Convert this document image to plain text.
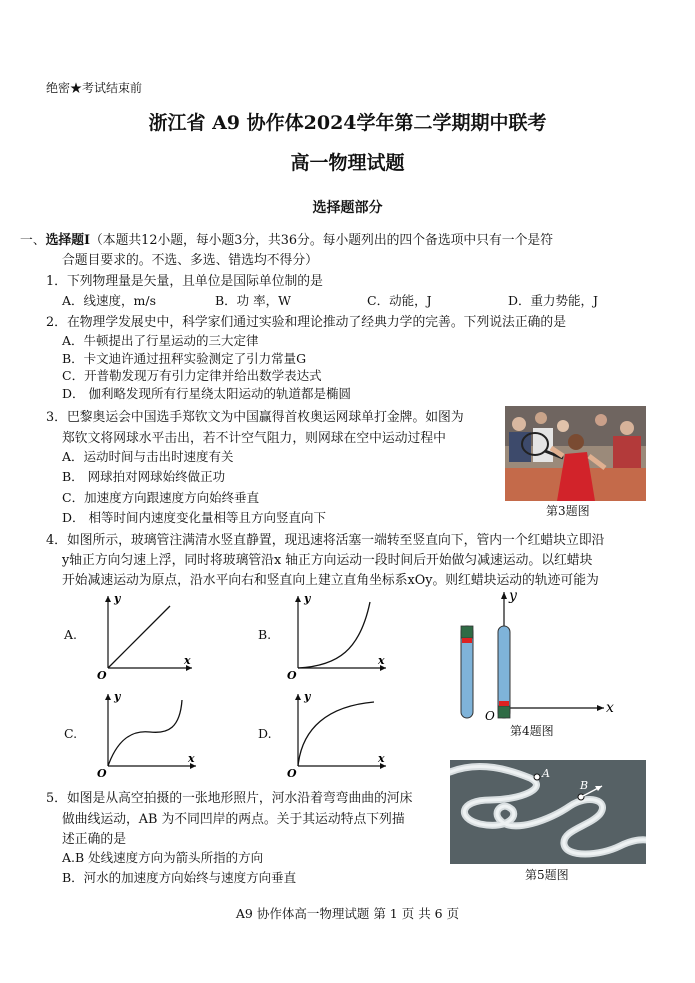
绝密★考试结束前
浙江省 A9 协作体2024学年第二学期期中联考
高一物理试题
选择题部分
一、选择题Ⅰ（本题共12小题，每小题3分，共36分。每小题列出的四个备选项中只有一个是符
合题目要求的。不选、多选、错选均不得分）
1．下列物理量是矢量，且单位是国际单位制的是
A．线速度，m/s	B．功 率，W	C．动能，J	D．重力势能，J
2．在物理学发展史中，科学家们通过实验和理论推动了经典力学的完善。下列说法正确的是
A．牛顿提出了行星运动的三大定律
B．卡文迪许通过扭秤实验测定了引力常量G
C．开普勒发现万有引力定律并给出数学表达式
D． 伽利略发现所有行星绕太阳运动的轨道都是椭圆
3．巴黎奥运会中国选手郑钦文为中国赢得首枚奥运网球单打金牌。如图为
郑钦文将网球水平击出，若不计空气阻力，则网球在空中运动过程中
A．运动时间与击出时速度有关
B． 网球拍对网球始终做正功
C．加速度方向跟速度方向始终垂直
D． 相等时间内速度变化量相等且方向竖直向下	第3题图
4．如图所示，玻璃管注满清水竖直静置，现迅速将活塞一端转至竖直向下，管内一个红蜡块立即沿
y轴正方向匀速上浮，同时将玻璃管沿x 轴正方向运动一段时间后开始做匀减速运动。以红蜡块
开始减速运动为原点，沿水平向右和竖直向上建立直角坐标系xOy。则红蜡块运动的轨迹可能为
A.	B.
C.	D.
y
x
O
y
x
O
y
x
O
y
x
O
y
x
O
第4题图
5．如图是从高空拍摄的一张地形照片，河水沿着弯弯曲曲的河床
做曲线运动，AB 为不同凹岸的两点。关于其运动特点下列描
述正确的是
A.B 处线速度方向为箭头所指的方向
B．河水的加速度方向始终与速度方向垂直
A
B
第5题图
A9 协作体高一物理试题 第 1 页 共 6 页
